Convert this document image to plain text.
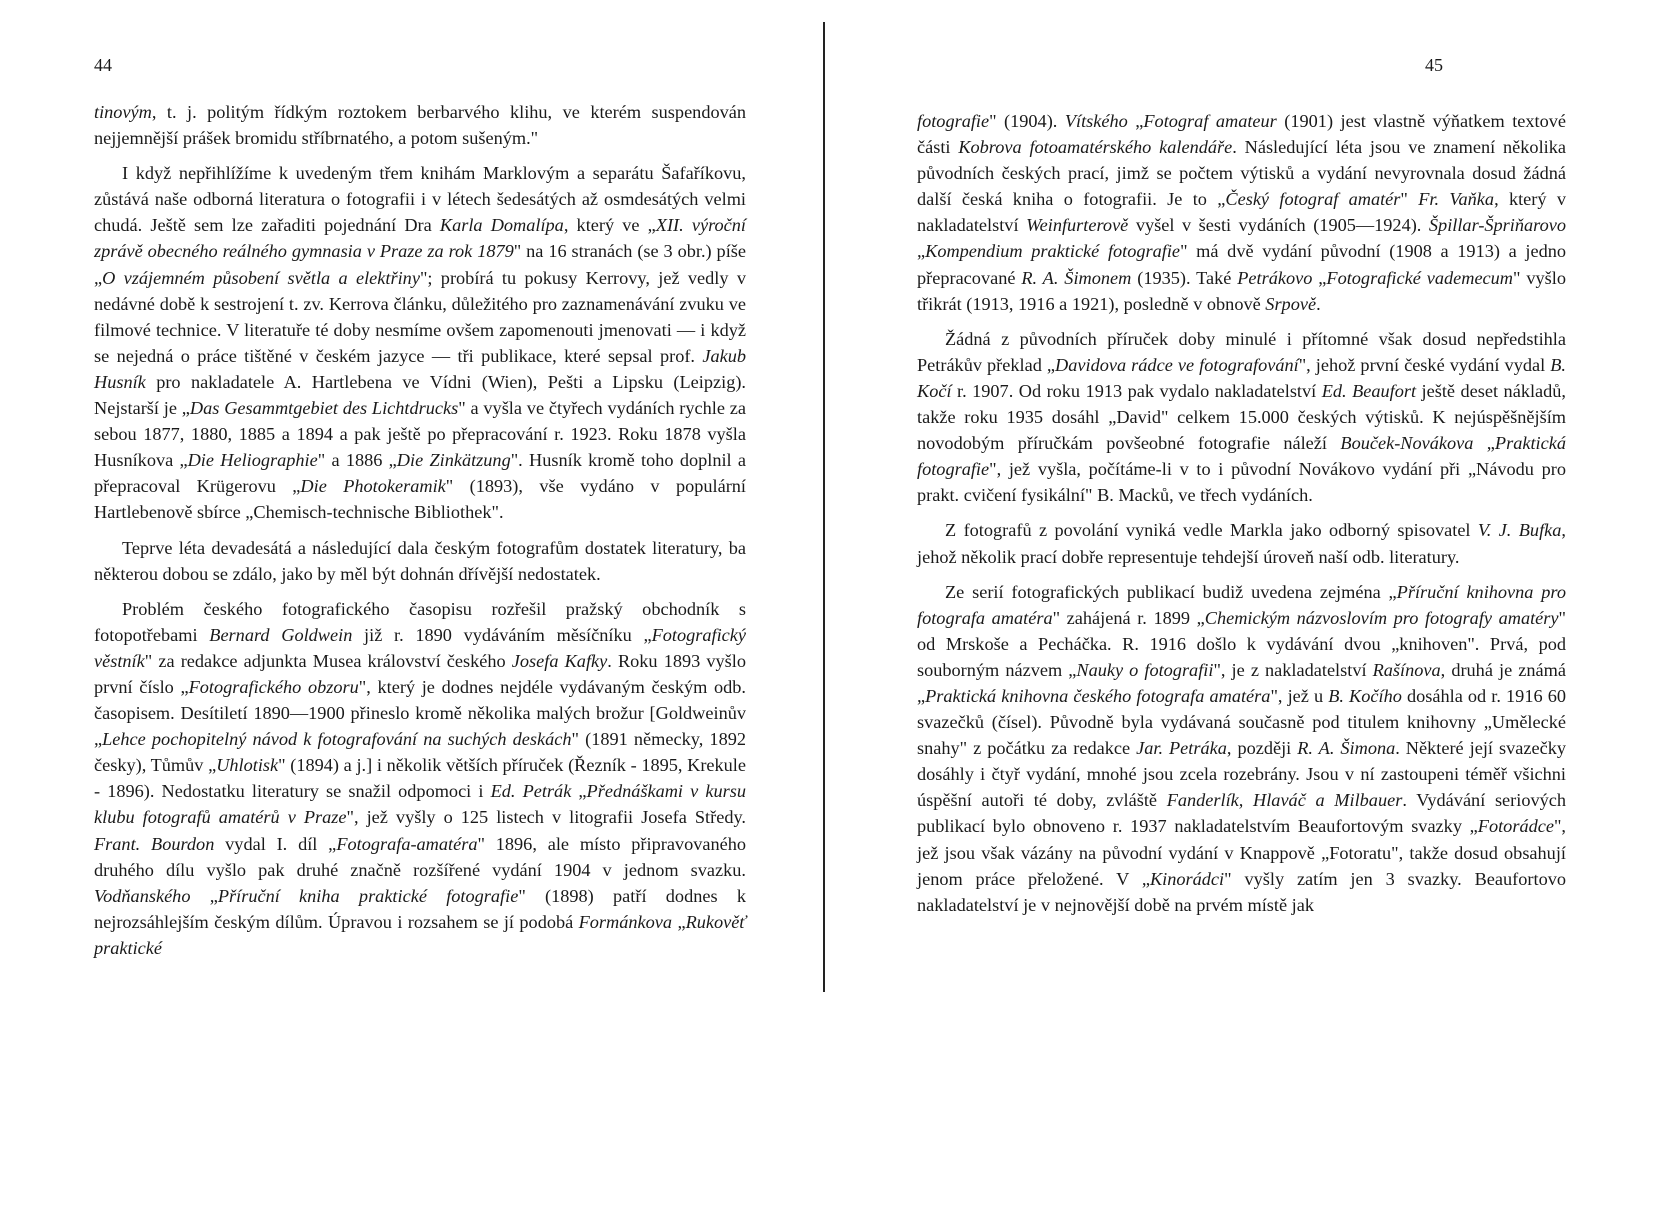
44

tinovým, t. j. politým řídkým roztokem berbarvého klihu, ve kterém suspendován nejjemnější prášek bromidu stříbrnatého, a potom sušeným."

I když nepřihlížíme k uvedeným třem knihám Marklovým a separátu Šafaříkovu, zůstává naše odborná literatura o fotografii i v létech šedesátých až osmdesátých velmi chudá. Ještě sem lze zařaditi pojednání Dra Karla Domalípa, který ve „XII. výroční zprávě obecného reálného gymnasia v Praze za rok 1879" na 16 stranách (se 3 obr.) píše „O vzájemném působení světla a elektřiny"; probírá tu pokusy Kerrovy, jež vedly v nedávné době k sestrojení t. zv. Kerrova článku, důležitého pro zaznamenávání zvuku ve filmové technice. V literatuře té doby nesmíme ovšem zapomenouti jmenovati — i když se nejedná o práce tištěné v českém jazyce — tři publikace, které sepsal prof. Jakub Husník pro nakladatele A. Hartlebena ve Vídni (Wien), Pešti a Lipsku (Leipzig). Nejstarší je „Das Gesammtgebiet des Lichtdrucks" a vyšla ve čtyřech vydáních rychle za sebou 1877, 1880, 1885 a 1894 a pak ještě po přepracování r. 1923. Roku 1878 vyšla Husníkova „Die Heliographie" a 1886 „Die Zinkätzung". Husník kromě toho doplnil a přepracoval Krügerovu „Die Photokeramik" (1893), vše vydáno v populární Hartlebenově sbírce „Chemisch-technische Bibliothek".

Teprve léta devadesátá a následující dala českým fotografům dostatek literatury, ba některou dobou se zdálo, jako by měl být dohnán dřívější nedostatek.

Problém českého fotografického časopisu rozřešil pražský obchodník s fotopotřebami Bernard Goldwein již r. 1890 vydáváním měsíčníku „Fotografický věstník" za redakce adjunkta Musea království českého Josefa Kafky. Roku 1893 vyšlo první číslo „Fotografického obzoru", který je dodnes nejdéle vydávaným českým odb. časopisem. Desítiletí 1890—1900 přineslo kromě několika malých brožur [Goldweinův „Lehce pochopitelný návod k fotografování na suchých deskách" (1891 německy, 1892 česky), Tůmův „Uhlotisk" (1894) a j.] i několik větších příruček (Řezník - 1895, Krekule - 1896). Nedostatku literatury se snažil odpomoci i Ed. Petrák „Přednáškami v kursu klubu fotografů amatérů v Praze", jež vyšly o 125 listech v litografii Josefa Středy. Frant. Bourdon vydal I. díl „Fotografa-amatéra" 1896, ale místo připravovaného druhého dílu vyšlo pak druhé značně rozšířené vydání 1904 v jednom svazku. Vodňanského „Příruční kniha praktické fotografie" (1898) patří dodnes k nejrozsáhlejším českým dílům. Úpravou i rozsahem se jí podobá Formánkova „Rukověť praktické

45

fotografie" (1904). Vítského „Fotograf amateur (1901) jest vlastně výňatkem textové části Kobrova fotoamatérského kalendáře. Následující léta jsou ve znamení několika původních českých prací, jimž se počtem výtisků a vydání nevyrovnala dosud žádná další česká kniha o fotografii. Je to „Český fotograf amatér" Fr. Vaňka, který v nakladatelství Weinfurterově vyšel v šesti vydáních (1905—1924). Špillar-Špriňarovo „Kompendium praktické fotografie" má dvě vydání původní (1908 a 1913) a jedno přepracované R. A. Šimonem (1935). Také Petrákovo „Fotografické vademecum" vyšlo třikrát (1913, 1916 a 1921), posledně v obnově Srpově.

Žádná z původních příruček doby minulé i přítomné však dosud nepředstihla Petrákův překlad „Davidova rádce ve fotografování", jehož první české vydání vydal B. Kočí r. 1907. Od roku 1913 pak vydalo nakladatelství Ed. Beaufort ještě deset nákladů, takže roku 1935 dosáhl „David" celkem 15.000 českých výtisků. K nejúspěšnějším novodobým příručkám povšeobné fotografie náleží Bouček-Novákova „Praktická fotografie", jež vyšla, počítáme-li v to i původní Novákovo vydání při „Návodu pro prakt. cvičení fysikální" B. Macků, ve třech vydáních.

Z fotografů z povolání vyniká vedle Markla jako odborný spisovatel V. J. Bufka, jehož několik prací dobře representuje tehdejší úroveň naší odb. literatury.

Ze serií fotografických publikací budiž uvedena zejména „Příruční knihovna pro fotografa amatéra" zahájená r. 1899 „Chemickým názvoslovím pro fotografy amatéry" od Mrskoše a Pecháčka. R. 1916 došlo k vydávání dvou „knihoven". Prvá, pod souborným názvem „Nauky o fotografii", je z nakladatelství Rašínova, druhá je známá „Praktická knihovna českého fotografa amatéra", jež u B. Kočího dosáhla od r. 1916 60 svazečků (čísel). Původně byla vydávaná současně pod titulem knihovny „Umělecké snahy" z počátku za redakce Jar. Petráka, později R. A. Šimona. Některé její svazečky dosáhly i čtyř vydání, mnohé jsou zcela rozebrány. Jsou v ní zastoupeni téměř všichni úspěšní autoři té doby, zvláště Fanderlík, Hlaváč a Milbauer. Vydávání seriových publikací bylo obnoveno r. 1937 nakladatelstvím Beaufortovým svazky „Fotorádce", jež jsou však vázány na původní vydání v Knappově „Fotoratu", takže dosud obsahují jenom práce přeložené. V „Kinorádci" vyšly zatím jen 3 svazky. Beaufortovo nakladatelství je v nejnovější době na prvém místě jak
